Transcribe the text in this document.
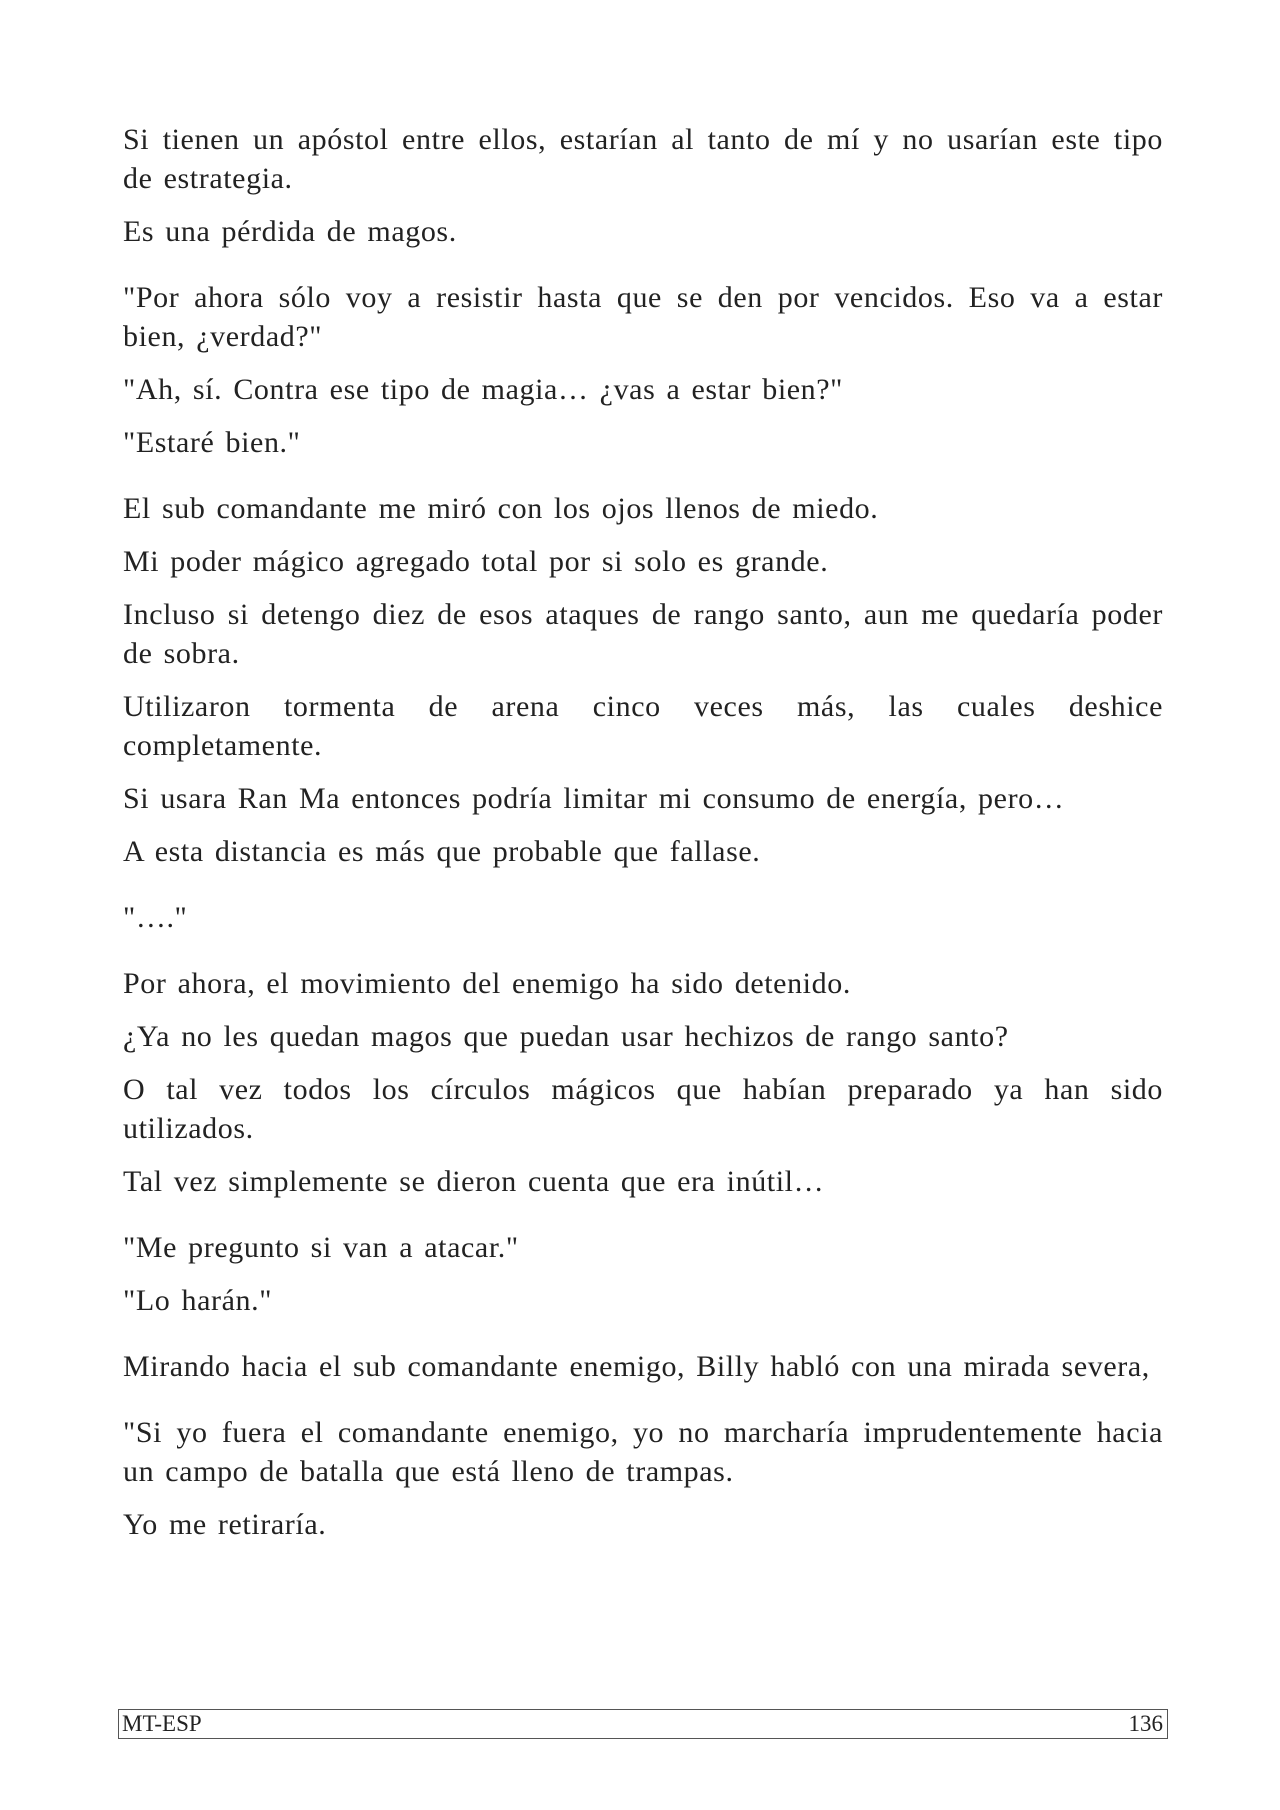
Si tienen un apóstol entre ellos, estarían al tanto de mí y no usarían este tipo de estrategia.

Es una pérdida de magos.

"Por ahora sólo voy a resistir hasta que se den por vencidos. Eso va a estar bien, ¿verdad?"

"Ah, sí. Contra ese tipo de magia… ¿vas a estar bien?"

"Estaré bien."

El sub comandante me miró con los ojos llenos de miedo.

Mi poder mágico agregado total por si solo es grande.

Incluso si detengo diez de esos ataques de rango santo, aun me quedaría poder de sobra.

Utilizaron tormenta de arena cinco veces más, las cuales deshice completamente.

Si usara Ran Ma entonces podría limitar mi consumo de energía, pero…

A esta distancia es más que probable que fallase.

"…."

Por ahora, el movimiento del enemigo ha sido detenido.

¿Ya no les quedan magos que puedan usar hechizos de rango santo?

O tal vez todos los círculos mágicos que habían preparado ya han sido utilizados.

Tal vez simplemente se dieron cuenta que era inútil…

"Me pregunto si van a atacar."

"Lo harán."

Mirando hacia el sub comandante enemigo, Billy habló con una mirada severa,

"Si yo fuera el comandante enemigo, yo no marcharía imprudentemente hacia un campo de batalla que está lleno de trampas.

Yo me retiraría.

MT-ESP	136
